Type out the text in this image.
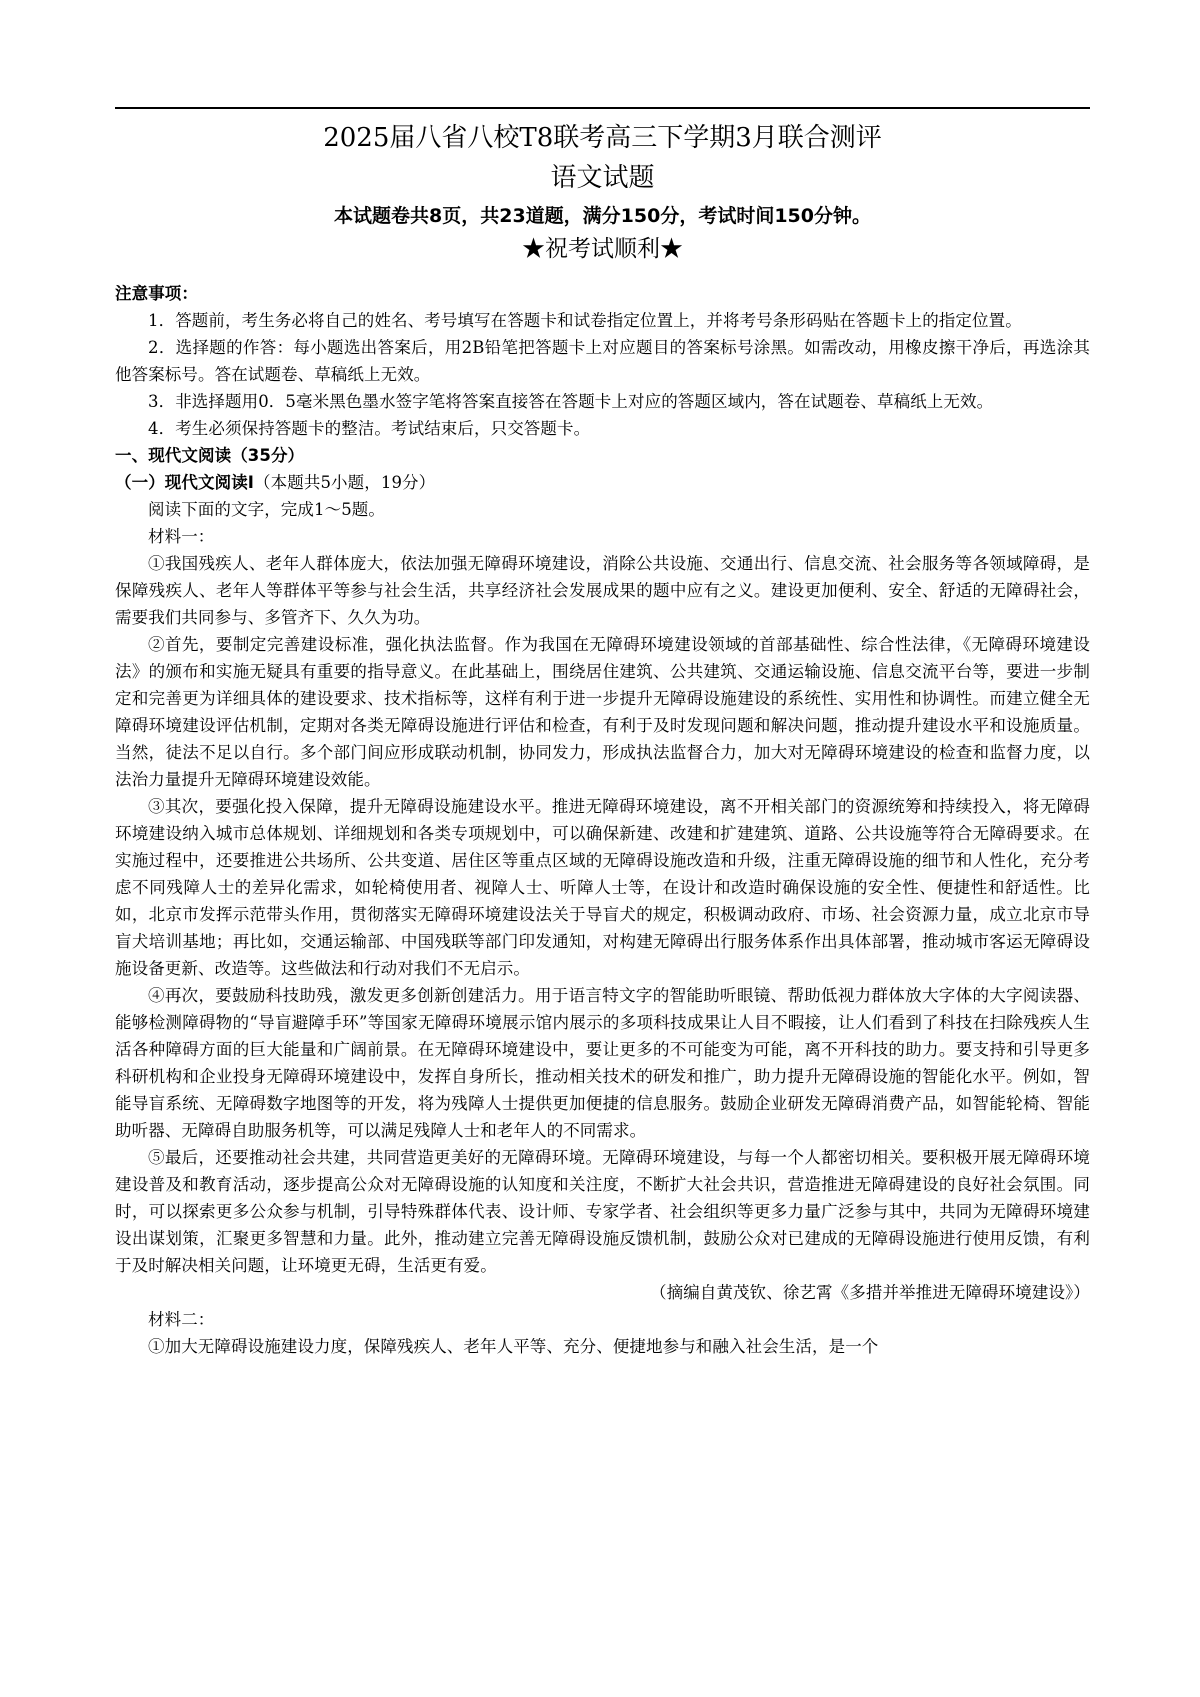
2025届八省八校T8联考高三下学期3月联合测评
语文试题
本试题卷共8页，共23道题，满分150分，考试时间150分钟。
★祝考试顺利★

注意事项：

1．答题前，考生务必将自己的姓名、考号填写在答题卡和试卷指定位置上，并将考号条形码贴在答题卡上的指定位置。

2．选择题的作答：每小题选出答案后，用2B铅笔把答题卡上对应题目的答案标号涂黑。如需改动，用橡皮擦干净后，再选涂其他答案标号。答在试题卷、草稿纸上无效。

3．非选择题用0．5毫米黑色墨水签字笔将答案直接答在答题卡上对应的答题区域内，答在试题卷、草稿纸上无效。

4．考生必须保持答题卡的整洁。考试结束后，只交答题卡。

一、现代文阅读（35分）

（一）现代文阅读Ⅰ（本题共5小题，19分）

阅读下面的文字，完成1～5题。

材料一：

①我国残疾人、老年人群体庞大，依法加强无障碍环境建设，消除公共设施、交通出行、信息交流、社会服务等各领域障碍，是保障残疾人、老年人等群体平等参与社会生活，共享经济社会发展成果的题中应有之义。建设更加便利、安全、舒适的无障碍社会，需要我们共同参与、多管齐下、久久为功。

②首先，要制定完善建设标准，强化执法监督。作为我国在无障碍环境建设领域的首部基础性、综合性法律，《无障碍环境建设法》的颁布和实施无疑具有重要的指导意义。在此基础上，围绕居住建筑、公共建筑、交通运输设施、信息交流平台等，要进一步制定和完善更为详细具体的建设要求、技术指标等，这样有利于进一步提升无障碍设施建设的系统性、实用性和协调性。而建立健全无障碍环境建设评估机制，定期对各类无障碍设施进行评估和检查，有利于及时发现问题和解决问题，推动提升建设水平和设施质量。当然，徒法不足以自行。多个部门间应形成联动机制，协同发力，形成执法监督合力，加大对无障碍环境建设的检查和监督力度，以法治力量提升无障碍环境建设效能。

③其次，要强化投入保障，提升无障碍设施建设水平。推进无障碍环境建设，离不开相关部门的资源统筹和持续投入，将无障碍环境建设纳入城市总体规划、详细规划和各类专项规划中，可以确保新建、改建和扩建建筑、道路、公共设施等符合无障碍要求。在实施过程中，还要推进公共场所、公共变道、居住区等重点区域的无障碍设施改造和升级，注重无障碍设施的细节和人性化，充分考虑不同残障人士的差异化需求，如轮椅使用者、视障人士、听障人士等，在设计和改造时确保设施的安全性、便捷性和舒适性。比如，北京市发挥示范带头作用，贯彻落实无障碍环境建设法关于导盲犬的规定，积极调动政府、市场、社会资源力量，成立北京市导盲犬培训基地；再比如，交通运输部、中国残联等部门印发通知，对构建无障碍出行服务体系作出具体部署，推动城市客运无障碍设施设备更新、改造等。这些做法和行动对我们不无启示。

④再次，要鼓励科技助残，激发更多创新创建活力。用于语言特文字的智能助听眼镜、帮助低视力群体放大字体的大字阅读器、能够检测障碍物的“导盲避障手环”等国家无障碍环境展示馆内展示的多项科技成果让人目不暇接，让人们看到了科技在扫除残疾人生活各种障碍方面的巨大能量和广阔前景。在无障碍环境建设中，要让更多的不可能变为可能，离不开科技的助力。要支持和引导更多科研机构和企业投身无障碍环境建设中，发挥自身所长，推动相关技术的研发和推广，助力提升无障碍设施的智能化水平。例如，智能导盲系统、无障碍数字地图等的开发，将为残障人士提供更加便捷的信息服务。鼓励企业研发无障碍消费产品，如智能轮椅、智能助听器、无障碍自助服务机等，可以满足残障人士和老年人的不同需求。

⑤最后，还要推动社会共建，共同营造更美好的无障碍环境。无障碍环境建设，与每一个人都密切相关。要积极开展无障碍环境建设普及和教育活动，逐步提高公众对无障碍设施的认知度和关注度，不断扩大社会共识，营造推进无障碍建设的良好社会氛围。同时，可以探索更多公众参与机制，引导特殊群体代表、设计师、专家学者、社会组织等更多力量广泛参与其中，共同为无障碍环境建设出谋划策，汇聚更多智慧和力量。此外，推动建立完善无障碍设施反馈机制，鼓励公众对已建成的无障碍设施进行使用反馈，有利于及时解决相关问题，让环境更无碍，生活更有爱。

（摘编自黄茂钦、徐艺霄《多措并举推进无障碍环境建设》）

材料二：

①加大无障碍设施建设力度，保障残疾人、老年人平等、充分、便捷地参与和融入社会生活，是一个
